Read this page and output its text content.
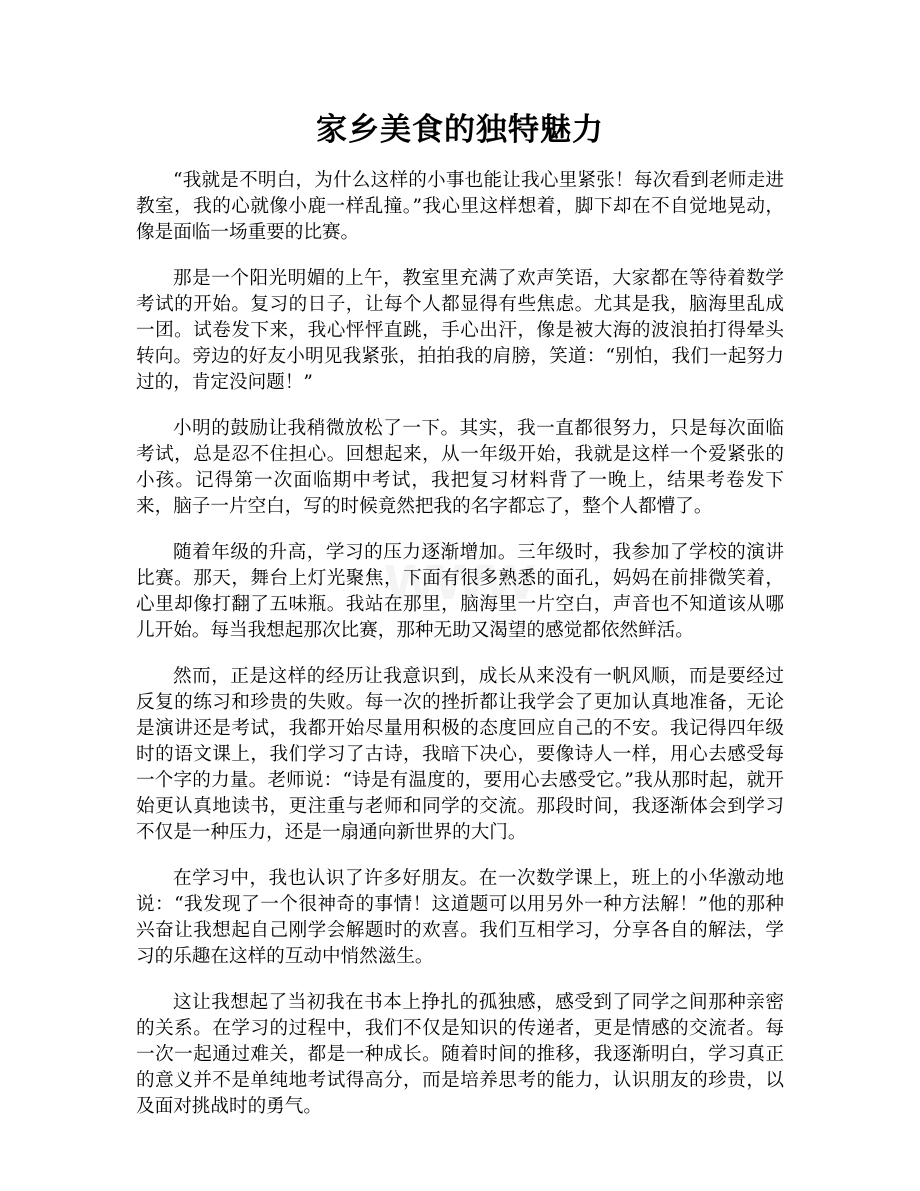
家乡美食的独特魅力

“我就是不明白，为什么这样的小事也能让我心里紧张！每次看到老师走进教室，我的心就像小鹿一样乱撞。”我心里这样想着，脚下却在不自觉地晃动，像是面临一场重要的比赛。

那是一个阳光明媚的上午，教室里充满了欢声笑语，大家都在等待着数学考试的开始。复习的日子，让每个人都显得有些焦虑。尤其是我，脑海里乱成一团。试卷发下来，我心怦怦直跳，手心出汗，像是被大海的波浪拍打得晕头转向。旁边的好友小明见我紧张，拍拍我的肩膀，笑道：“别怕，我们一起努力过的，肯定没问题！”

小明的鼓励让我稍微放松了一下。其实，我一直都很努力，只是每次面临考试，总是忍不住担心。回想起来，从一年级开始，我就是这样一个爱紧张的小孩。记得第一次面临期中考试，我把复习材料背了一晚上，结果考卷发下来，脑子一片空白，写的时候竟然把我的名字都忘了，整个人都懵了。

随着年级的升高，学习的压力逐渐增加。三年级时，我参加了学校的演讲比赛。那天，舞台上灯光聚焦，下面有很多熟悉的面孔，妈妈在前排微笑着，心里却像打翻了五味瓶。我站在那里，脑海里一片空白，声音也不知道该从哪儿开始。每当我想起那次比赛，那种无助又渴望的感觉都依然鲜活。

然而，正是这样的经历让我意识到，成长从来没有一帆风顺，而是要经过反复的练习和珍贵的失败。每一次的挫折都让我学会了更加认真地准备，无论是演讲还是考试，我都开始尽量用积极的态度回应自己的不安。我记得四年级时的语文课上，我们学习了古诗，我暗下决心，要像诗人一样，用心去感受每一个字的力量。老师说：“诗是有温度的，要用心去感受它。”我从那时起，就开始更认真地读书，更注重与老师和同学的交流。那段时间，我逐渐体会到学习不仅是一种压力，还是一扇通向新世界的大门。

在学习中，我也认识了许多好朋友。在一次数学课上，班上的小华激动地说：“我发现了一个很神奇的事情！这道题可以用另外一种方法解！”他的那种兴奋让我想起自己刚学会解题时的欢喜。我们互相学习，分享各自的解法，学习的乐趣在这样的互动中悄然滋生。

这让我想起了当初我在书本上挣扎的孤独感，感受到了同学之间那种亲密的关系。在学习的过程中，我们不仅是知识的传递者，更是情感的交流者。每一次一起通过难关，都是一种成长。随着时间的推移，我逐渐明白，学习真正的意义并不是单纯地考试得高分，而是培养思考的能力，认识朋友的珍贵，以及面对挑战时的勇气。
